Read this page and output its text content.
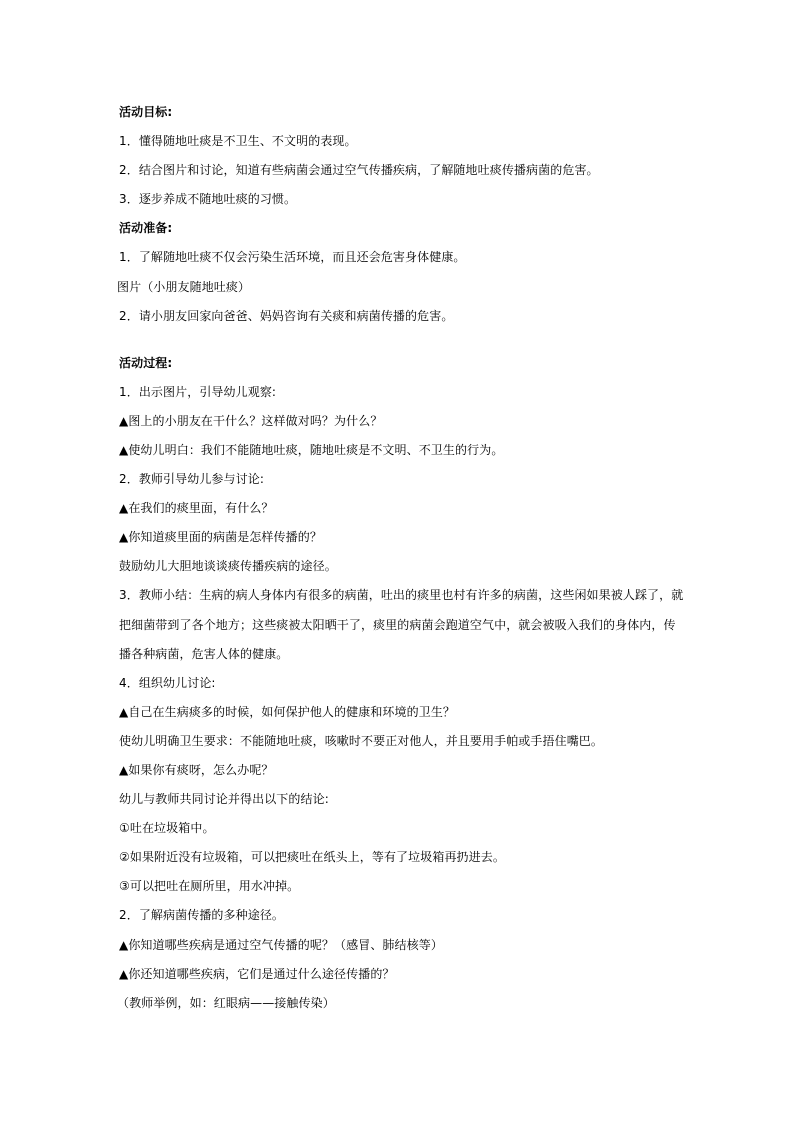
活动目标:
1．懂得随地吐痰是不卫生、不文明的表现。
2．结合图片和讨论，知道有些病菌会通过空气传播疾病，了解随地吐痰传播病菌的危害。
3．逐步养成不随地吐痰的习惯。
活动准备:
1．了解随地吐痰不仅会污染生活环境，而且还会危害身体健康。
图片（小朋友随地吐痰）
2．请小朋友回家向爸爸、妈妈咨询有关痰和病菌传播的危害。
活动过程:
1．出示图片，引导幼儿观察:
▲图上的小朋友在干什么？这样做对吗？为什么？
▲使幼儿明白：我们不能随地吐痰，随地吐痰是不文明、不卫生的行为。
2．教师引导幼儿参与讨论:
▲在我们的痰里面，有什么？
▲你知道痰里面的病菌是怎样传播的？
鼓励幼儿大胆地谈谈痰传播疾病的途径。
3．教师小结：生病的病人身体内有很多的病菌，吐出的痰里也村有许多的病菌，这些闲如果被人踩了，就
把细菌带到了各个地方；这些痰被太阳晒干了，痰里的病菌会跑道空气中，就会被吸入我们的身体内，传
播各种病菌，危害人体的健康。
4．组织幼儿讨论:
▲自己在生病痰多的时候，如何保护他人的健康和环境的卫生？
使幼儿明确卫生要求：不能随地吐痰，咳嗽时不要正对他人，并且要用手帕或手捂住嘴巴。
▲如果你有痰呀，怎么办呢？
幼儿与教师共同讨论并得出以下的结论:
①吐在垃圾箱中。
②如果附近没有垃圾箱，可以把痰吐在纸头上，等有了垃圾箱再扔进去。
③可以把吐在厕所里，用水冲掉。
2．了解病菌传播的多种途径。
▲你知道哪些疾病是通过空气传播的呢？（感冒、肺结核等）
▲你还知道哪些疾病，它们是通过什么途径传播的？
（教师举例，如：红眼病——接触传染）
